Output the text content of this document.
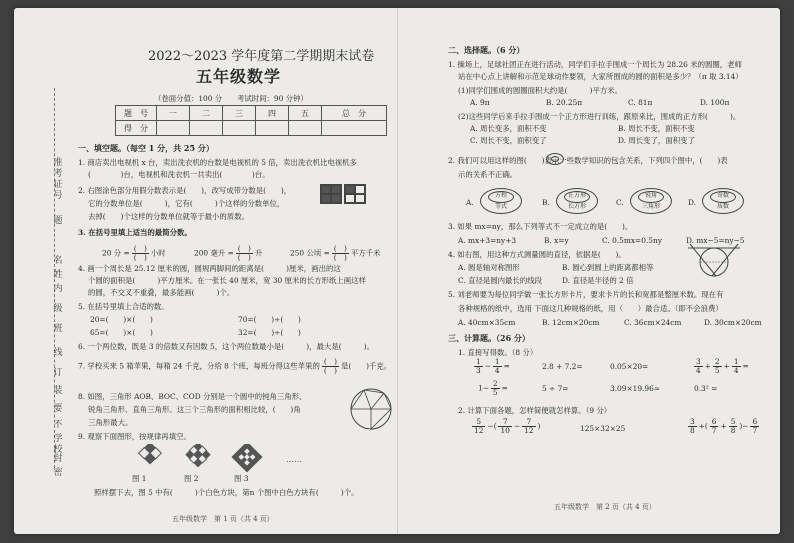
准考证号
题
名
姓
内
级
班
线
订
装
要
不
学校
封
密
2022～2023 学年度第二学期期末试卷
五年级数学
（卷面分值：100 分　　考试时间：90 分钟）
题　号	一	二	三	四	五	总　分
得　分						
一、填空题。（每空 1 分，共 25 分）
1. 商店卖出电视机 x 台，卖出洗衣机的台数是电视机的 5 倍，卖出洗衣机比电视机多
(　　　　)台，电视机和洗衣机一共卖出(　　　　)台。
2. 右图涂色部分用假分数表示是(　　)，改写成带分数是(　　)，
它的分数单位是(　　　)，它有(　　　)个这样的分数单位，
去掉(　　)个这样的分数单位就等于最小的质数。
3. 在括号里填上适当的最简分数。
20 分 = $\frac{( )}{( )}$ 小时	200 毫升 = $\frac{( )}{( )}$ 升	250 公顷 = $\frac{( )}{( )}$ 平方千米
4. 画一个周长是 25.12 厘米的圆，圆规两脚间的距离是(　　　)厘米，画出的这
个圆的面积是(　　　)平方厘米。在一张长 40 厘米，宽 30 厘米的长方形纸上画这样
的圆，不交叉不重叠，最多能画(　　　)个。
5. 在括号里填上合适的数。
20=(　　)×(　　)	70=(　　)÷(　　)
65=(　　)×(　　)	32=(　　)÷(　　)
6. 一个两位数，既是 3 的倍数又有因数 5，这个两位数最小是(　　　)，最大是(　　　)。
7. 学校买来 5 箱苹果，每箱 24 千克，分给 8 个班，每班分得这些苹果的 $\frac{( )}{( )}$ 是(　　)千克。
8. 如图，三角形 AOB、BOC、COD 分别是一个圆中的钝角三角形、
锐角三角形、直角三角形。这三个三角形的面积相比较，(　　)角
三角形最大。
9. 观察下面图形，按规律再填空。
……
图 1	图 2	图 3
照样摆下去，图 5 中有(　　　)个白色方块，第n 个图中白色方块有(　　　)个。
五年级数学　第 1 页（共 4 页）
二、选择题。（6 分）
1. 操场上，足球社团正在进行活动，同学们手拉手围成一个周长为 28.26 米的圆圈，老师
站在中心点上讲解和示范足球动作要领，大家所围成的圆的面积是多少？（π 取 3.14）
(1)同学们围成的圆圈面积大约是(　　　)平方米。
A. 9π	B. 20.25π	C. 81π	D. 100π
(2)这些同学后来手拉手围成一个正方形进行训练，跟原来比，围成的正方形(　　　)。
A. 周长变多，面积不变	B. 周长不变，面积不变
C. 周长不变，面积变了	D. 周长变了，面积变了
2. 我们可以用这样的图(　　)表示一些数学知识的包含关系，下列四个图中，(　　)表
示的关系不正确。
A.
方程
等式	B.
正方形
长方形	C.
锐角
三角形	D.
奇数
质数
3. 如果 mx=ny，那么下列等式不一定成立的是(　　)。
A. mx+3=ny+3	B. x=y	C. 0.5mx=0.5ny	D. mx−5=ny−5
4. 如右图，用这种方式测量圆的直径，依据是(　　)。
A. 圆是轴对称图形	B. 圆心到圆上的距离都相等
C. 直径是圆内最长的线段	D. 直径是半径的 2 倍
5. 刘老师要为每位同学做一张长方形卡片，要求卡片的长和宽都是整厘米数。现在有
各种规格的纸中，选用 下面这几种规格的纸，用（　　）最合适。（即不会浪费）
A. 40cm×35cm	B. 12cm×20cm	C. 36cm×24cm	D. 30cm×20cm
三、计算题。（26 分）
1. 直接写得数。（8 分）
$\frac{1}{3} - \frac{1}{4}$ =	2.8 + 7.2=	0.05×20=	$\frac{3}{4} + \frac{2}{5} + \frac{1}{4}$ =
$1- \frac{2}{5}$ =	5 ÷ 7=	3.09×19.96≈	0.3² =
2. 计算下面各题，怎样简便就怎样算。（9 分）
$\frac{5}{12}$ −( $\frac{7}{10} - \frac{7}{12}$ )	125×32×25	$\frac{3}{8}$ +( $\frac{6}{7} + \frac{5}{8}$ )− $\frac{6}{7}$
五年级数学　第 2 页（共 4 页）
